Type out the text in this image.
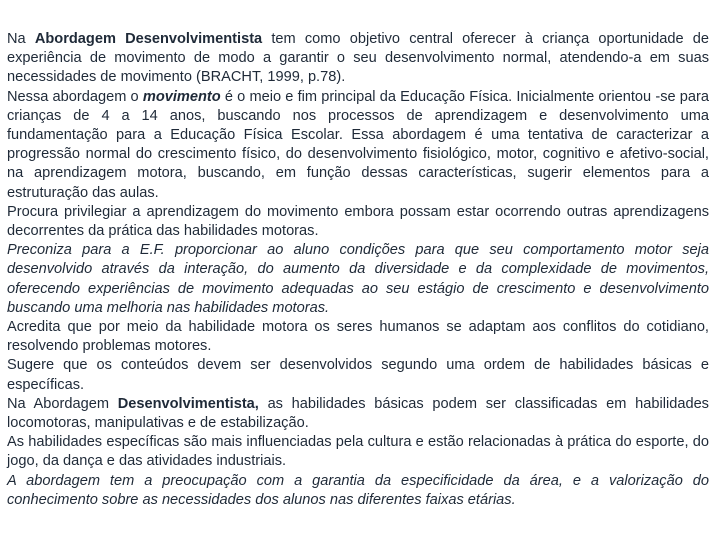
Na Abordagem Desenvolvimentista tem como objetivo central oferecer à criança oportunidade de experiência de movimento de modo a garantir o seu desenvolvimento normal, atendendo-a em suas necessidades de movimento (BRACHT, 1999, p.78).

Nessa abordagem o movimento é o meio e fim principal da Educação Física. Inicialmente orientou -se para crianças de 4 a 14 anos, buscando nos processos de aprendizagem e desenvolvimento uma fundamentação para a Educação Física Escolar. Essa abordagem é uma tentativa de caracterizar a progressão normal do crescimento físico, do desenvolvimento fisiológico, motor, cognitivo e afetivo-social, na aprendizagem motora, buscando, em função dessas características, sugerir elementos para a estruturação das aulas.

Procura privilegiar a aprendizagem do movimento embora possam estar ocorrendo outras aprendizagens decorrentes da prática das habilidades motoras.

Preconiza para a E.F. proporcionar ao aluno condições para que seu comportamento motor seja desenvolvido através da interação, do aumento da diversidade e da complexidade de movimentos, oferecendo experiências de movimento adequadas ao seu estágio de crescimento e desenvolvimento buscando uma melhoria nas habilidades motoras.

Acredita que por meio da habilidade motora os seres humanos se adaptam aos conflitos do cotidiano, resolvendo problemas motores.

Sugere que os conteúdos devem ser desenvolvidos segundo uma ordem de habilidades básicas e específicas.

Na Abordagem Desenvolvimentista, as habilidades básicas podem ser classificadas em habilidades locomotoras, manipulativas e de estabilização.

As habilidades específicas são mais influenciadas pela cultura e estão relacionadas à prática do esporte, do jogo, da dança e das atividades industriais.

A abordagem tem a preocupação com a garantia da especificidade da área, e a valorização do conhecimento sobre as necessidades dos alunos nas diferentes faixas etárias.
